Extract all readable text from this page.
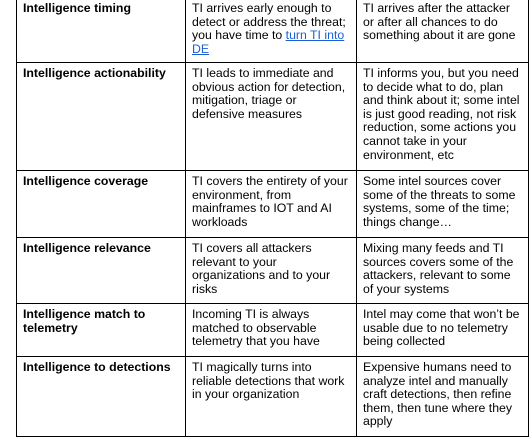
Intelligence timing	TI arrives early enough to detect or address the threat; you have time to turn TI into DE	TI arrives after the attacker or after all chances to do something about it are gone
Intelligence actionability	TI leads to immediate and obvious action for detection, mitigation, triage or defensive measures	TI informs you, but you need to decide what to do, plan and think about it; some intel is just good reading, not risk reduction, some actions you cannot take in your environment, etc
Intelligence coverage	TI covers the entirety of your environment, from mainframes to IOT and AI workloads	Some intel sources cover some of the threats to some systems, some of the time; things change…
Intelligence relevance	TI covers all attackers relevant to your organizations and to your risks	Mixing many feeds and TI sources covers some of the attackers, relevant to some of your systems
Intelligence match to telemetry	Incoming TI is always matched to observable telemetry that you have	Intel may come that won’t be usable due to no telemetry being collected
Intelligence to detections	TI magically turns into reliable detections that work in your organization	Expensive humans need to analyze intel and manually craft detections, then refine them, then tune where they apply
